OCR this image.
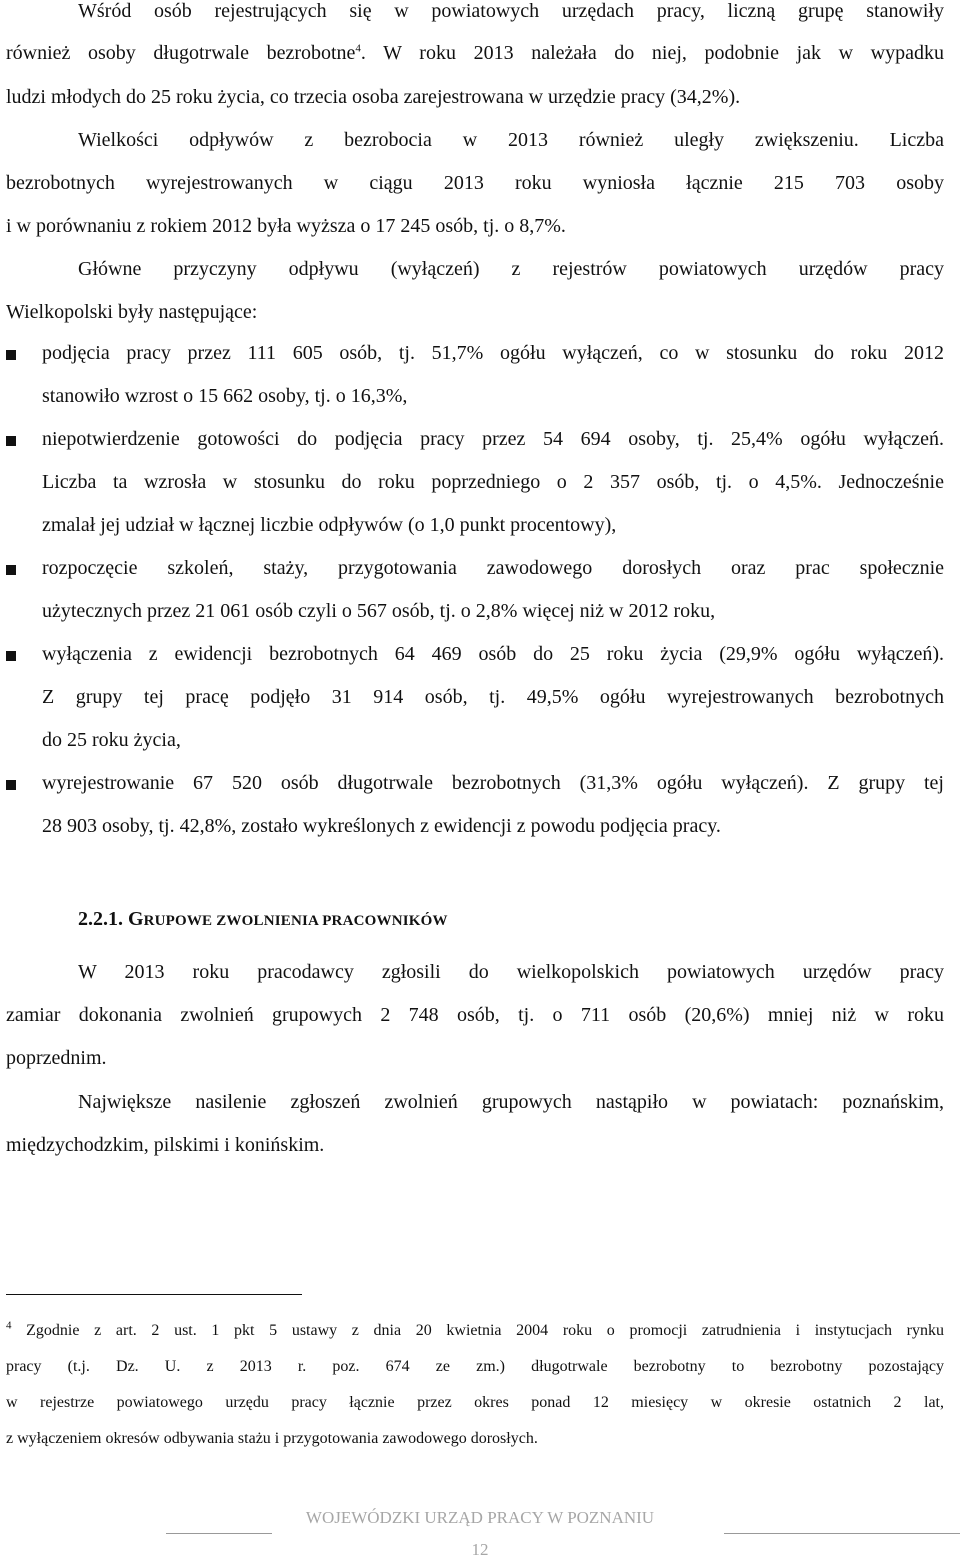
Wśród osób rejestrujących się w powiatowych urzędach pracy, liczną grupę stanowiły
również osoby długotrwale bezrobotne$^4$. W roku 2013 należała do niej, podobnie jak w wypadku
ludzi młodych do 25 roku życia, co trzecia osoba zarejestrowana w urzędzie pracy (34,2%).
Wielkości odpływów z bezrobocia w 2013 również uległy zwiększeniu. Liczba
bezrobotnych wyrejestrowanych w ciągu 2013 roku wyniosła łącznie 215 703 osoby
i w porównaniu z rokiem 2012 była wyższa o 17 245 osób, tj. o 8,7%.
Główne przyczyny odpływu (wyłączeń) z rejestrów powiatowych urzędów pracy
Wielkopolski były następujące:
podjęcia pracy przez 111 605 osób, tj. 51,7% ogółu wyłączeń, co w stosunku do roku 2012
stanowiło wzrost o 15 662 osoby, tj. o 16,3%,
niepotwierdzenie gotowości do podjęcia pracy przez 54 694 osoby, tj. 25,4% ogółu wyłączeń.
Liczba ta wzrosła w stosunku do roku poprzedniego o 2 357 osób, tj. o 4,5%. Jednocześnie
zmalał jej udział w łącznej liczbie odpływów (o 1,0 punkt procentowy),
rozpoczęcie szkoleń, staży, przygotowania zawodowego dorosłych oraz prac społecznie
użytecznych przez 21 061 osób czyli o 567 osób, tj. o 2,8% więcej niż w 2012 roku,
wyłączenia z ewidencji bezrobotnych 64 469 osób do 25 roku życia (29,9% ogółu wyłączeń).
Z grupy tej pracę podjęło 31 914 osób, tj. 49,5% ogółu wyrejestrowanych bezrobotnych
do 25 roku życia,
wyrejestrowanie 67 520 osób długotrwale bezrobotnych (31,3% ogółu wyłączeń). Z grupy tej
28 903 osoby, tj. 42,8%, zostało wykreślonych z ewidencji z powodu podjęcia pracy.
2.2.1. GRUPOWE ZWOLNIENIA PRACOWNIKÓW
W 2013 roku pracodawcy zgłosili do wielkopolskich powiatowych urzędów pracy
zamiar dokonania zwolnień grupowych 2 748 osób, tj. o 711 osób (20,6%) mniej niż w roku
poprzednim.
Największe nasilenie zgłoszeń zwolnień grupowych nastąpiło w powiatach: poznańskim,
międzychodzkim, pilskimi i konińskim.
$^4$ Zgodnie z art. 2 ust. 1 pkt 5 ustawy z dnia 20 kwietnia 2004 roku o promocji zatrudnienia i instytucjach rynku
pracy (t.j. Dz. U. z 2013 r. poz. 674 ze zm.) długotrwale bezrobotny to bezrobotny pozostający
w rejestrze powiatowego urzędu pracy łącznie przez okres ponad 12 miesięcy w okresie ostatnich 2 lat,
z wyłączeniem okresów odbywania stażu i przygotowania zawodowego dorosłych.
WOJEWÓDZKI URZĄD PRACY W POZNANIU
12
